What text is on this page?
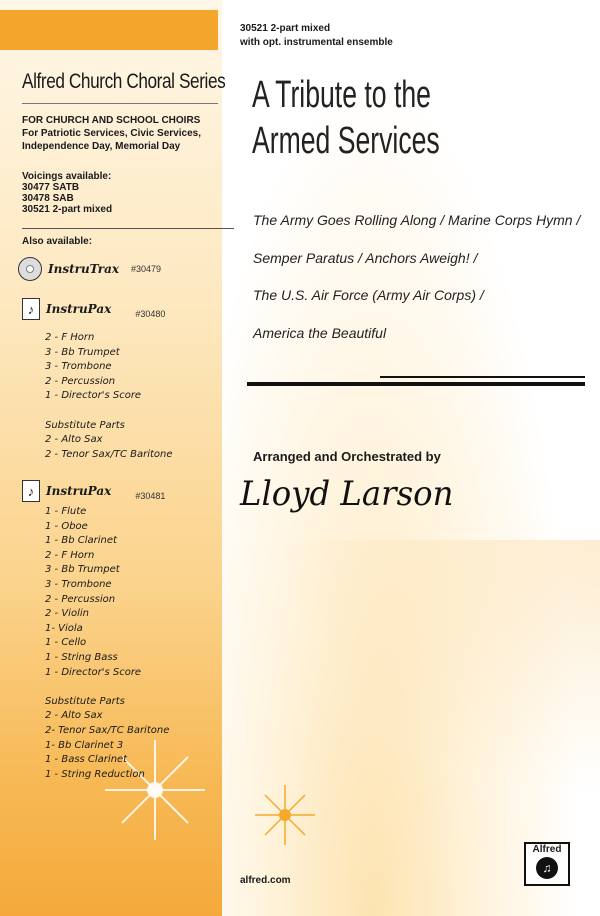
30521 2-part mixed
with opt. instrumental ensemble
Alfred Church Choral Series
FOR CHURCH AND SCHOOL CHOIRS
For Patriotic Services, Civic Services,
Independence Day, Memorial Day
Voicings available:
30477 SATB
30478 SAB
30521 2-part mixed
Also available:
InstruTrax #30479
♪ InstruPax	#30480
2 - F Horn
3 - Bb Trumpet
3 - Trombone
2 - Percussion
1 - Director's Score
Substitute Parts
2 - Alto Sax
2 - Tenor Sax/TC Baritone
♪ InstruPax	#30481
1 - Flute
1 - Oboe
1 - Bb Clarinet
2 - F Horn
3 - Bb Trumpet
3 - Trombone
2 - Percussion
2 - Violin
1- Viola
1 - Cello
1 - String Bass
1 - Director's Score
Substitute Parts
2 - Alto Sax
2- Tenor Sax/TC Baritone
1- Bb Clarinet 3
1 - Bass Clarinet
1 - String Reduction
A Tribute to the
Armed Services
The Army Goes Rolling Along / Marine Corps Hymn /
Semper Paratus / Anchors Aweigh! /
The U.S. Air Force (Army Air Corps) /
America the Beautiful
Arranged and Orchestrated by
Lloyd Larson
alfred.com
Alfred
♫
